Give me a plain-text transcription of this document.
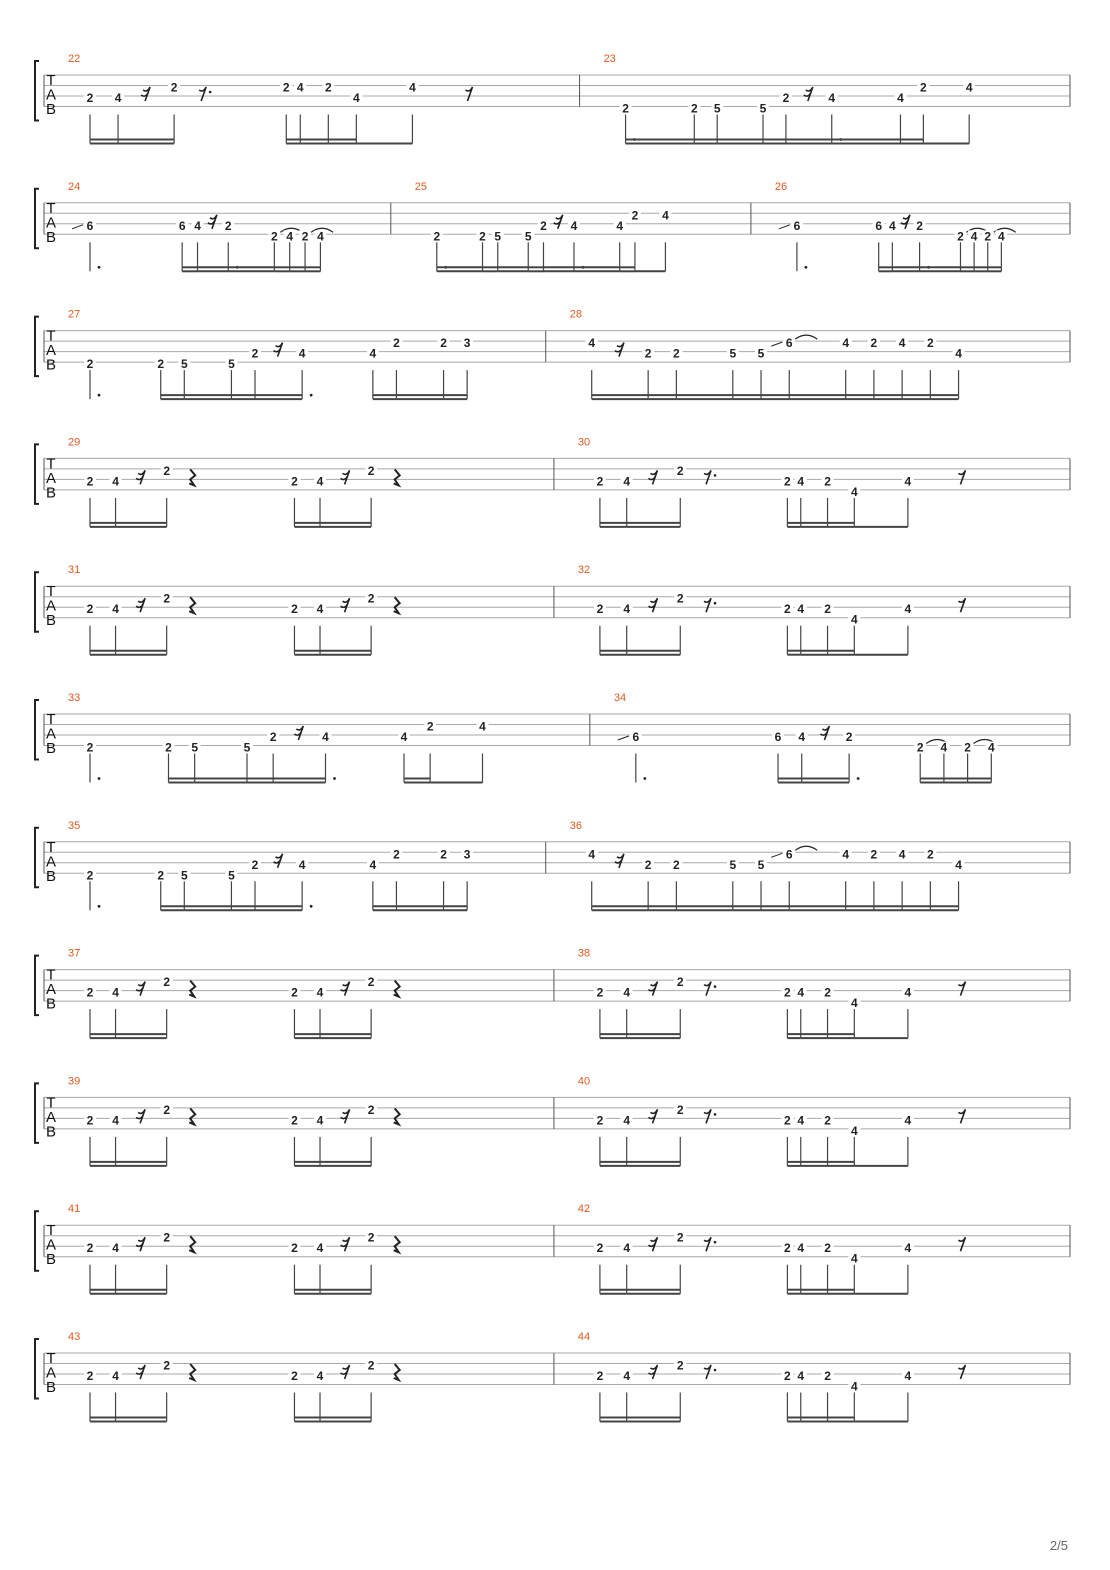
T
A
B
22
2 4
2	2 4 2
4
4
23
2	2 5	5
2	4	4
2	4
T
A
B
24
6	6 4 2
2 4 2 4
25
2	2 5 5
2 4	4
2 4
26
6	6 4 2
2 4 2 4
T
A
B
27
2	2 5	5
2	4	4
2	2 3
28
4
2 2	5 5
6	4 2 4 2
4
T
A
B
29
2 4
2
2 4
2
30
2 4
2
2 4 2
4
4
T
A
B
31
2 4
2
2 4
2
32
2 4
2
2 4 2
4
4
T
A
B
33
2	2 5	5
2	4	4
2	4
34
6	6 4	2
2 4 2 4
T
A
B
35
2	2 5	5
2	4	4
2	2 3
36
4
2 2	5 5
6	4 2 4 2
4
T
A
B
37
2 4
2
2 4
2
38
2 4
2
2 4 2
4
4
T
A
B
39
2 4
2
2 4
2
40
2 4
2
2 4 2
4
4
T
A
B
41
2 4
2
2 4
2
42
2 4
2
2 4 2
4
4
T
A
B
43
2 4
2
2 4
2
44
2 4
2
2 4 2
4
4
2/5
